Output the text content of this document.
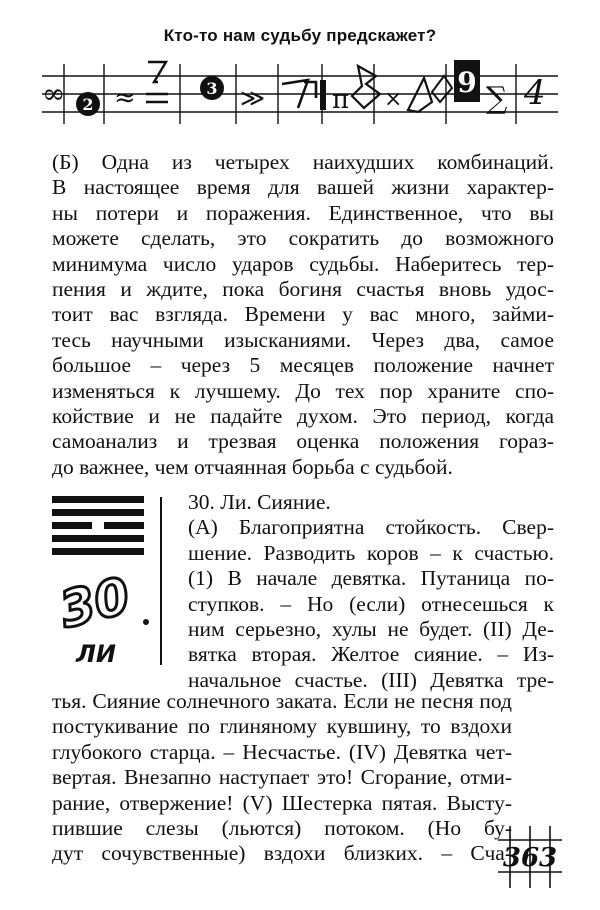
Кто-то нам судьбу предскажет?
∞ 2 ≈	3 ≫	π ×
9 ∑ 4
(Б) Одна из четырех наихудших комбинаций.
В настоящее время для вашей жизни характер-
ны потери и поражения. Единственное, что вы
можете сделать, это сократить до возможного
минимума число ударов судьбы. Наберитесь тер-
пения и ждите, пока богиня счастья вновь удос-
тоит вас взгляда. Времени у вас много, займи-
тесь научными изысканиями. Через два, самое
большое – через 5 месяцев положение начнет
изменяться к лучшему. До тех пор храните спо-
койствие и не падайте духом. Это период, когда
самоанализ и трезвая оценка положения гораз-
до важнее, чем отчаянная борьба с судьбой.
30
ЛИ
30. Ли. Сияние.
(А) Благоприятна стойкость. Свер-
шение. Разводить коров – к счастью.
(1) В начале девятка. Путаница по-
ступков. – Но (если) отнесешься к
ним серьезно, хулы не будет. (II) Де-
вятка вторая. Желтое сияние. – Из-
начальное счастье. (III) Девятка тре-
тья. Сияние солнечного заката. Если не песня под
постукивание по глиняному кувшину, то вздохи
глубокого старца. – Несчастье. (IV) Девятка чет-
вертая. Внезапно наступает это! Сгорание, отми-
рание, отвержение! (V) Шестерка пятая. Высту-
пившие слезы (льются) потоком. (Но бу-
дут сочувственные) вздохи близких. – Сча-
363
